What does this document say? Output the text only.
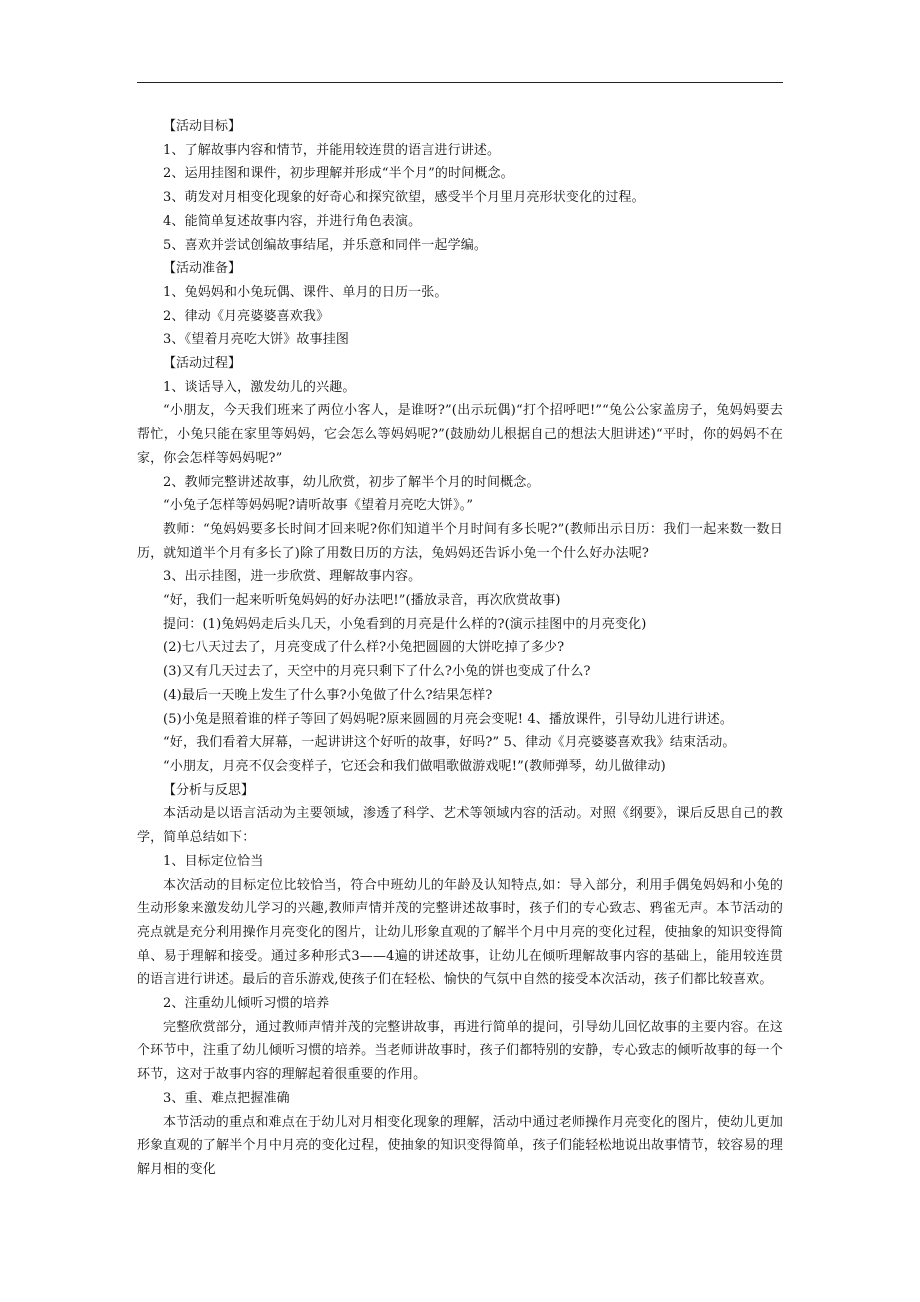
【活动目标】

1、了解故事内容和情节，并能用较连贯的语言进行讲述。

2、运用挂图和课件，初步理解并形成“半个月”的时间概念。

3、萌发对月相变化现象的好奇心和探究欲望，感受半个月里月亮形状变化的过程。

4、能简单复述故事内容，并进行角色表演。

5、喜欢并尝试创编故事结尾，并乐意和同伴一起学编。

【活动准备】

1、兔妈妈和小兔玩偶、课件、单月的日历一张。

2、律动《月亮婆婆喜欢我》

3、《望着月亮吃大饼》故事挂图

【活动过程】

1、谈话导入，激发幼儿的兴趣。

“小朋友，今天我们班来了两位小客人，是谁呀?”(出示玩偶)“打个招呼吧!”“兔公公家盖房子，兔妈妈要去帮忙，小兔只能在家里等妈妈，它会怎么等妈妈呢?”(鼓励幼儿根据自己的想法大胆讲述)“平时，你的妈妈不在家，你会怎样等妈妈呢?”

2、教师完整讲述故事，幼儿欣赏，初步了解半个月的时间概念。

“小兔子怎样等妈妈呢?请听故事《望着月亮吃大饼》。”

教师：“兔妈妈要多长时间才回来呢?你们知道半个月时间有多长呢?”(教师出示日历：我们一起来数一数日历，就知道半个月有多长了)除了用数日历的方法，兔妈妈还告诉小兔一个什么好办法呢?

3、出示挂图，进一步欣赏、理解故事内容。

“好，我们一起来听听兔妈妈的好办法吧!”(播放录音，再次欣赏故事)

提问：(1)兔妈妈走后头几天，小兔看到的月亮是什么样的?(演示挂图中的月亮变化)

(2)七八天过去了，月亮变成了什么样?小兔把圆圆的大饼吃掉了多少?

(3)又有几天过去了，天空中的月亮只剩下了什么?小兔的饼也变成了什么?

(4)最后一天晚上发生了什么事?小兔做了什么?结果怎样?

(5)小兔是照着谁的样子等回了妈妈呢?原来圆圆的月亮会变呢! 4、播放课件，引导幼儿进行讲述。

“好，我们看着大屏幕，一起讲讲这个好听的故事，好吗?” 5、律动《月亮婆婆喜欢我》结束活动。

“小朋友，月亮不仅会变样子，它还会和我们做唱歌做游戏呢!”(教师弹琴，幼儿做律动)

【分析与反思】

本活动是以语言活动为主要领域，渗透了科学、艺术等领域内容的活动。对照《纲要》，课后反思自己的教学，简单总结如下：

1、目标定位恰当

本次活动的目标定位比较恰当，符合中班幼儿的年龄及认知特点,如：导入部分，利用手偶兔妈妈和小兔的生动形象来激发幼儿学习的兴趣,教师声情并茂的完整讲述故事时，孩子们的专心致志、鸦雀无声。本节活动的亮点就是充分利用操作月亮变化的图片，让幼儿形象直观的了解半个月中月亮的变化过程，使抽象的知识变得简单、易于理解和接受。通过多种形式3——4遍的讲述故事，让幼儿在倾听理解故事内容的基础上，能用较连贯的语言进行讲述。最后的音乐游戏,使孩子们在轻松、愉快的气氛中自然的接受本次活动，孩子们都比较喜欢。

2、注重幼儿倾听习惯的培养

完整欣赏部分，通过教师声情并茂的完整讲故事，再进行简单的提问，引导幼儿回忆故事的主要内容。在这个环节中，注重了幼儿倾听习惯的培养。当老师讲故事时，孩子们都特别的安静，专心致志的倾听故事的每一个环节，这对于故事内容的理解起着很重要的作用。

3、重、难点把握准确

本节活动的重点和难点在于幼儿对月相变化现象的理解，活动中通过老师操作月亮变化的图片，使幼儿更加形象直观的了解半个月中月亮的变化过程，使抽象的知识变得简单，孩子们能轻松地说出故事情节，较容易的理解月相的变化
